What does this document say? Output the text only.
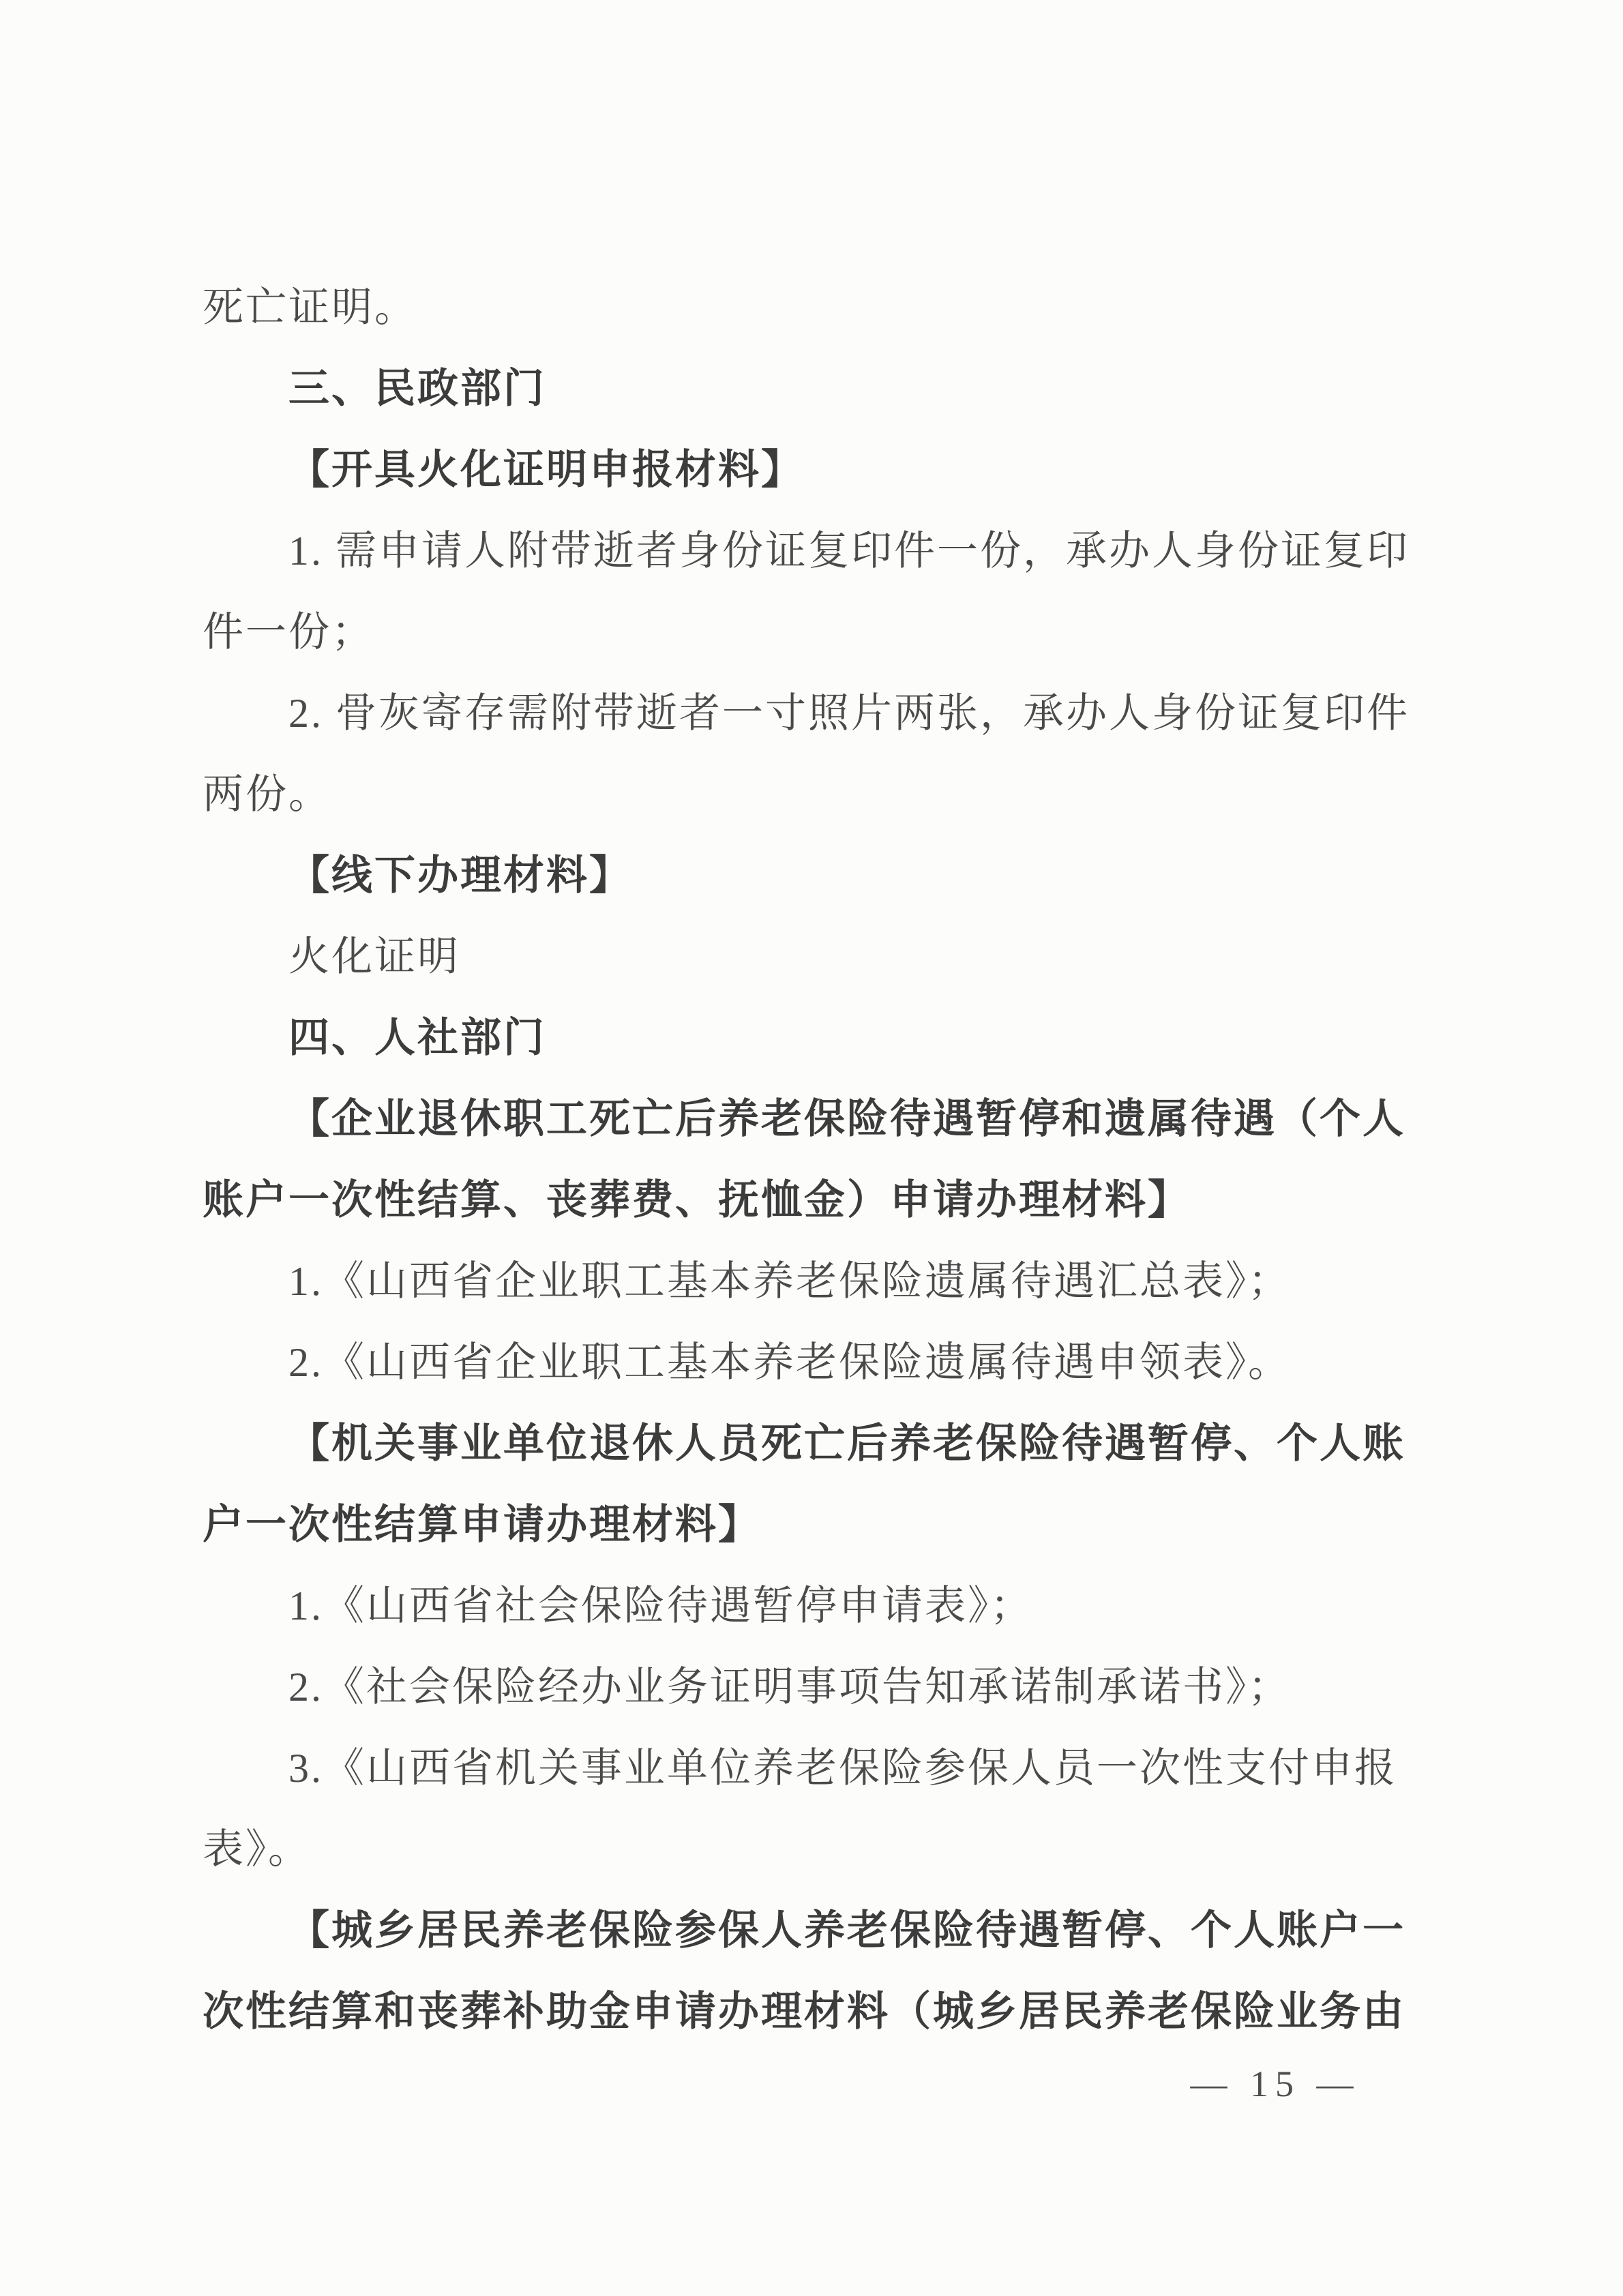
死亡证明。
三、民政部门
【开具火化证明申报材料】
1. 需申请人附带逝者身份证复印件一份，承办人身份证复印
件一份；
2. 骨灰寄存需附带逝者一寸照片两张，承办人身份证复印件
两份。
【线下办理材料】
火化证明
四、人社部门
【企业退休职工死亡后养老保险待遇暂停和遗属待遇（个人
账户一次性结算、丧葬费、抚恤金）申请办理材料】
1.《山西省企业职工基本养老保险遗属待遇汇总表》；
2.《山西省企业职工基本养老保险遗属待遇申领表》。
【机关事业单位退休人员死亡后养老保险待遇暂停、个人账
户一次性结算申请办理材料】
1.《山西省社会保险待遇暂停申请表》；
2.《社会保险经办业务证明事项告知承诺制承诺书》；
3.《山西省机关事业单位养老保险参保人员一次性支付申报
表》。
【城乡居民养老保险参保人养老保险待遇暂停、个人账户一
次性结算和丧葬补助金申请办理材料（城乡居民养老保险业务由
— 15 —
